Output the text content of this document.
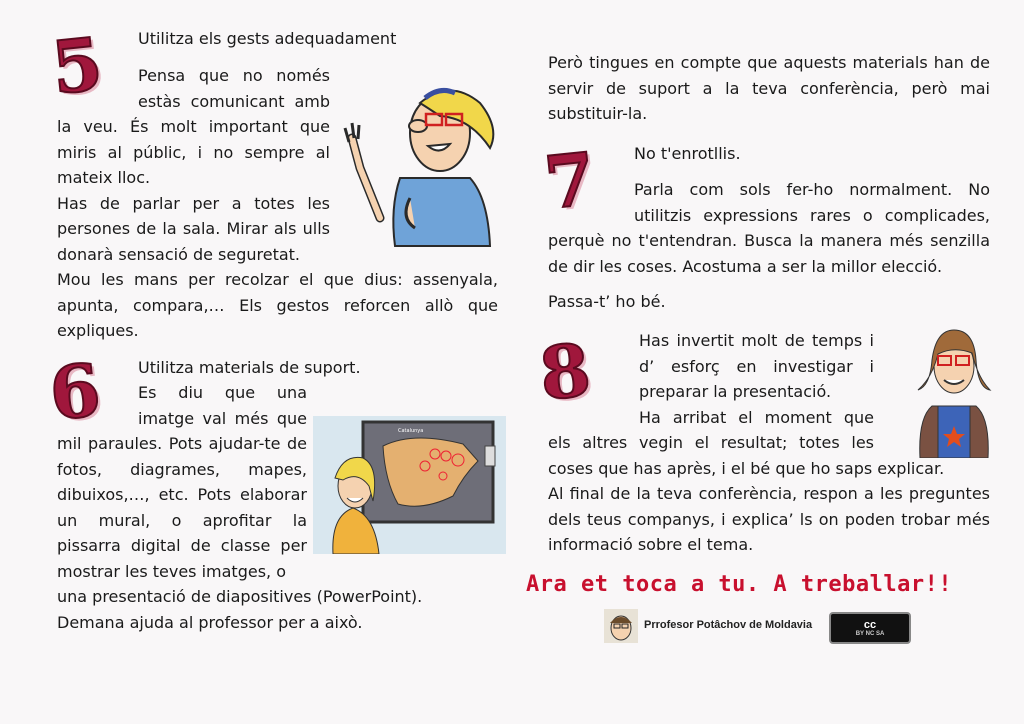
5 Utilitza els gests adequadament

Pensa que no només

estàs comunicant amb

la veu. És molt important que miris al públic, i no sempre al mateix lloc.

Has de parlar per a totes les persones de la sala. Mirar als ulls donarà sensació de seguretat.

Mou les mans per recolzar el que dius: assenyala, apunta, compara,… Els gestos reforcen allò que expliques.

6 Utilitza materials de suport.

Es diu que una

imatge val més que

mil paraules. Pots ajudar-te de fotos, diagrames, mapes, dibuixos,…, etc. Pots elaborar un mural, o aprofitar la pissarra digital de classe per mostrar les teves imatges, o

una presentació de diapositives (PowerPoint).

Demana ajuda al professor per a això.

Catalunya
Però tingues en compte que aquests materials han de servir de suport a la teva conferència, però mai substituir-la.
7 No t'enrotllis.

Parla com sols fer-ho normalment. No

utilitzis expressions rares o complicades,

perquè no t'entendran. Busca la manera més senzilla de dir les coses. Acostuma a ser la millor elecció.

Passa-t’ ho bé.

8	Has invertit molt de temps i

d’ esforç en investigar i

preparar la presentació.

Ha arribat el moment que

els altres vegin el resultat; totes les

coses que has après, i el bé que ho saps explicar.

Al final de la teva conferència, respon a les preguntes dels teus companys, i explica’ ls on poden trobar més informació sobre el tema.

Ara et toca a tu. A treballar!!
Prrofesor Potâchov de Moldavia	cc
BY NC SA
